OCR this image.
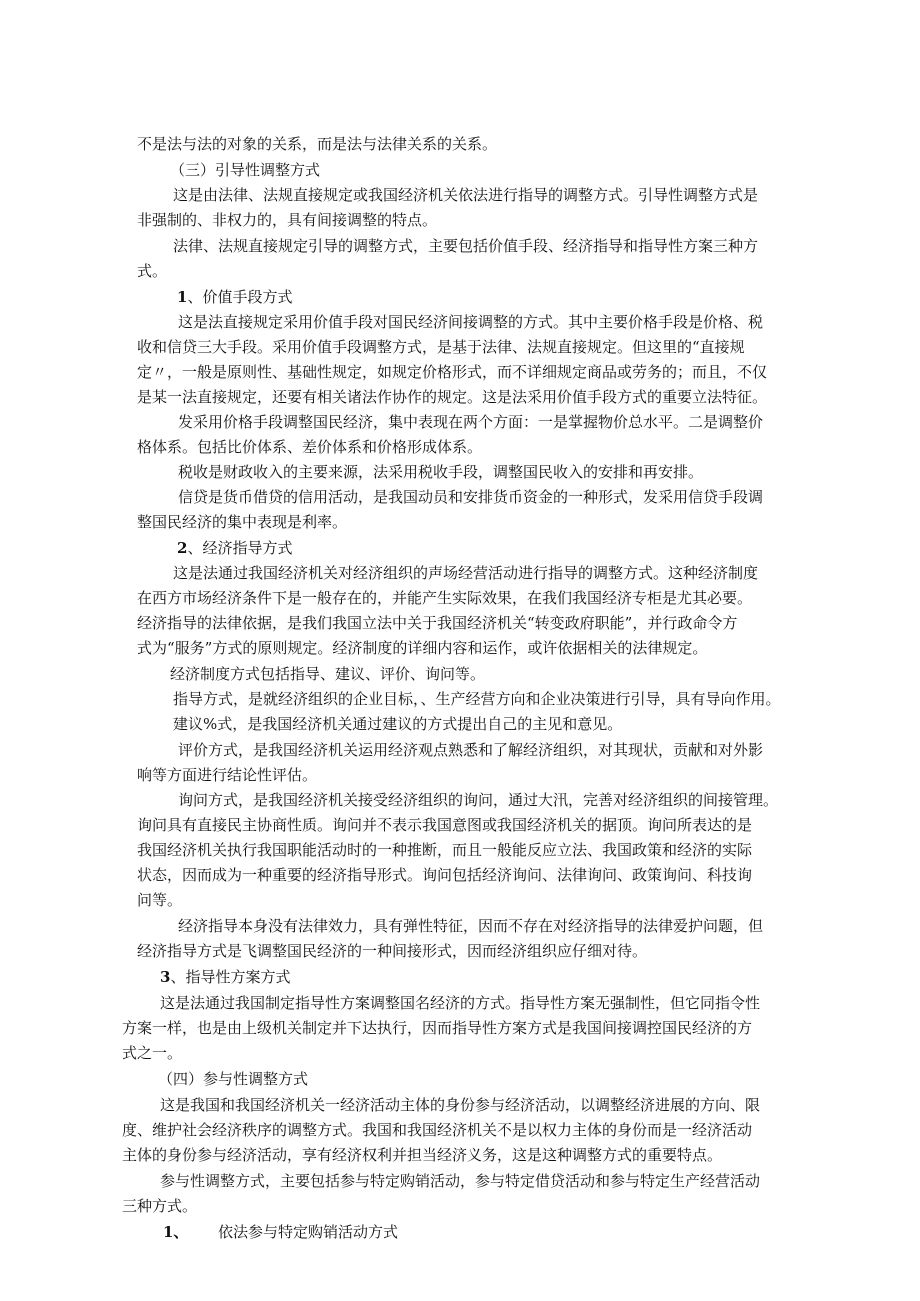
不是法与法的对象的关系，而是法与法律关系的关系。

（三）引导性调整方式

这是由法律、法规直接规定或我国经济机关依法进行指导的调整方式。引导性调整方式是

非强制的、非权力的，具有间接调整的特点。

法律、法规直接规定引导的调整方式，主要包括价值手段、经济指导和指导性方案三种方

式。

1、价值手段方式

这是法直接规定采用价值手段对国民经济间接调整的方式。其中主要价格手段是价格、税

收和信贷三大手段。采用价值手段调整方式，是基于法律、法规直接规定。但这里的“直接规

定〃，一般是原则性、基础性规定，如规定价格形式，而不详细规定商品或劳务的；而且，不仅

是某一法直接规定，还要有相关诸法作协作的规定。这是法采用价值手段方式的重要立法特征。

发采用价格手段调整国民经济，集中表现在两个方面：一是掌握物价总水平。二是调整价

格体系。包括比价体系、差价体系和价格形成体系。

税收是财政收入的主要来源，法采用税收手段，调整国民收入的安排和再安排。

信贷是货币借贷的信用活动，是我国动员和安排货币资金的一种形式，发采用信贷手段调

整国民经济的集中表现是利率。

2、经济指导方式

这是法通过我国经济机关对经济组织的声场经营活动进行指导的调整方式。这种经济制度

在西方市场经济条件下是一般存在的，并能产生实际效果，在我们我国经济专柜是尤其必要。

经济指导的法律依据，是我们我国立法中关于我国经济机关“转变政府职能”，并行政命令方

式为“服务”方式的原则规定。经济制度的详细内容和运作，或许依据相关的法律规定。

经济制度方式包括指导、建议、评价、询问等。

指导方式，是就经济组织的企业目标，、生产经营方向和企业决策进行引导，具有导向作用。

建议%式，是我国经济机关通过建议的方式提出自己的主见和意见。

评价方式，是我国经济机关运用经济观点熟悉和了解经济组织，对其现状，贡献和对外影

响等方面进行结论性评估。

询问方式，是我国经济机关接受经济组织的询问，通过大汛，完善对经济组织的间接管理。

询问具有直接民主协商性质。询问并不表示我国意图或我国经济机关的据顶。询问所表达的是

我国经济机关执行我国职能活动时的一种推断，而且一般能反应立法、我国政策和经济的实际

状态，因而成为一种重要的经济指导形式。询问包括经济询问、法律询问、政策询问、科技询

问等。

经济指导本身没有法律效力，具有弹性特征，因而不存在对经济指导的法律爱护问题，但

经济指导方式是飞调整国民经济的一种间接形式，因而经济组织应仔细对待。

3、指导性方案方式

这是法通过我国制定指导性方案调整国名经济的方式。指导性方案无强制性，但它同指令性

方案一样，也是由上级机关制定并下达执行，因而指导性方案方式是我国间接调控国民经济的方

式之一。

（四）参与性调整方式

这是我国和我国经济机关一经济活动主体的身份参与经济活动，以调整经济进展的方向、限

度、维护社会经济秩序的调整方式。我国和我国经济机关不是以权力主体的身份而是一经济活动

主体的身份参与经济活动，享有经济权利并担当经济义务，这是这种调整方式的重要特点。

参与性调整方式，主要包括参与特定购销活动，参与特定借贷活动和参与特定生产经营活动

三种方式。

1、 依法参与特定购销活动方式
